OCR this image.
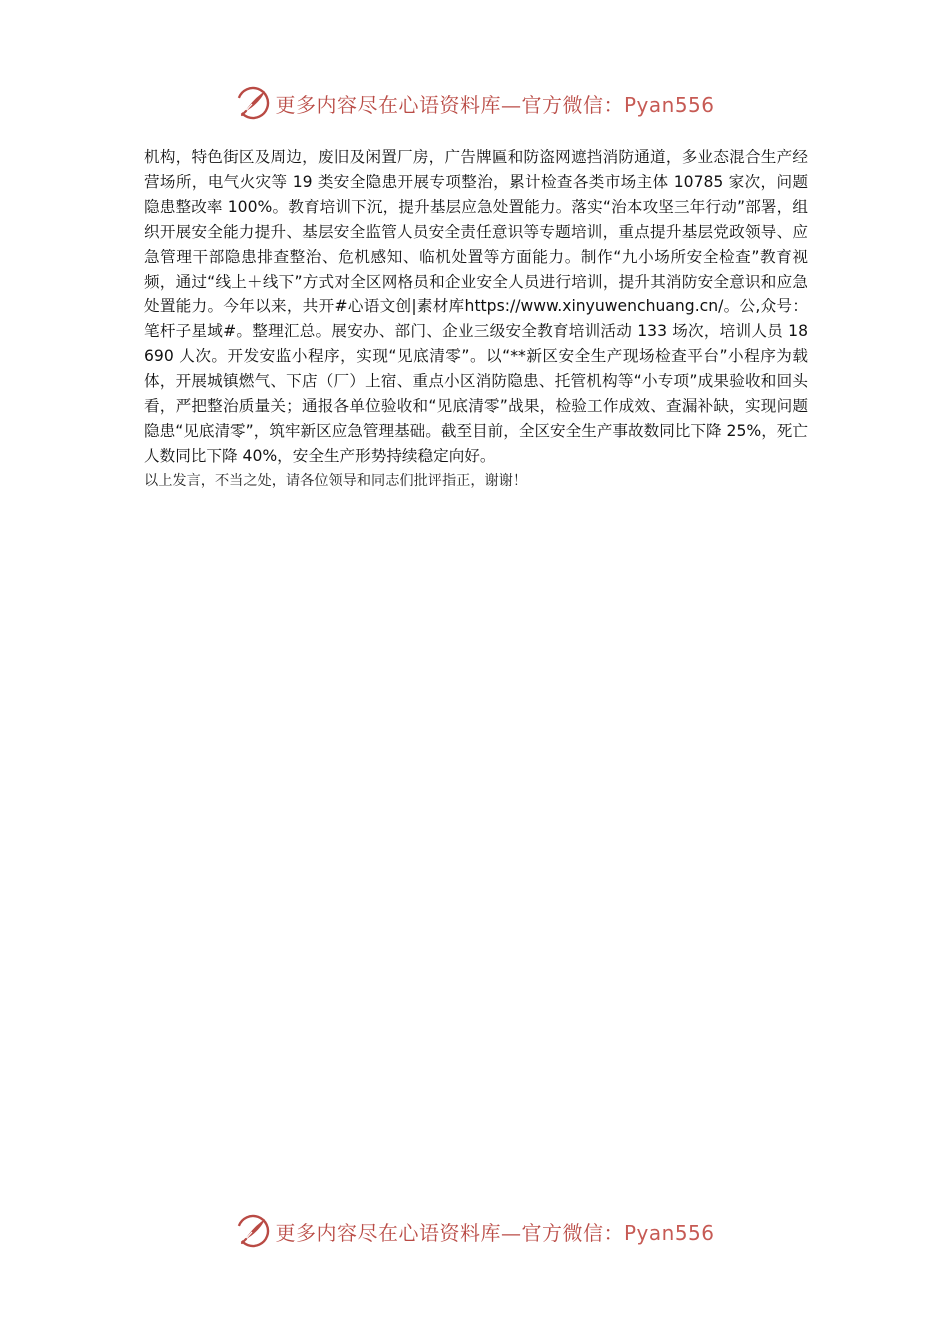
更多内容尽在心语资料库—官方微信：Pyan556

机构，特色街区及周边，废旧及闲置厂房，广告牌匾和防盗网遮挡消防通道，多业态混合生产经营场所，电气火灾等 19 类安全隐患开展专项整治，累计检查各类市场主体 10785 家次，问题隐患整改率 100%。教育培训下沉，提升基层应急处置能力。落实“治本攻坚三年行动”部署，组织开展安全能力提升、基层安全监管人员安全责任意识等专题培训，重点提升基层党政领导、应急管理干部隐患排查整治、危机感知、临机处置等方面能力。制作“九小场所安全检查”教育视频，通过“线上＋线下”方式对全区网格员和企业安全人员进行培训，提升其消防安全意识和应急处置能力。今年以来，共开#心语文创|素材库https://www.xinyuwenchuang.cn/。公,众号：笔杆子星域#。整理汇总。展安办、部门、企业三级安全教育培训活动 133 场次，培训人员 18690 人次。开发安监小程序，实现“见底清零”。以“**新区安全生产现场检查平台”小程序为载体，开展城镇燃气、下店（厂）上宿、重点小区消防隐患、托管机构等“小专项”成果验收和回头看，严把整治质量关；通报各单位验收和“见底清零”战果，检验工作成效、查漏补缺，实现问题隐患“见底清零”，筑牢新区应急管理基础。截至目前，全区安全生产事故数同比下降 25%，死亡人数同比下降 40%，安全生产形势持续稳定向好。

以上发言，不当之处，请各位领导和同志们批评指正，谢谢！

更多内容尽在心语资料库—官方微信：Pyan556
